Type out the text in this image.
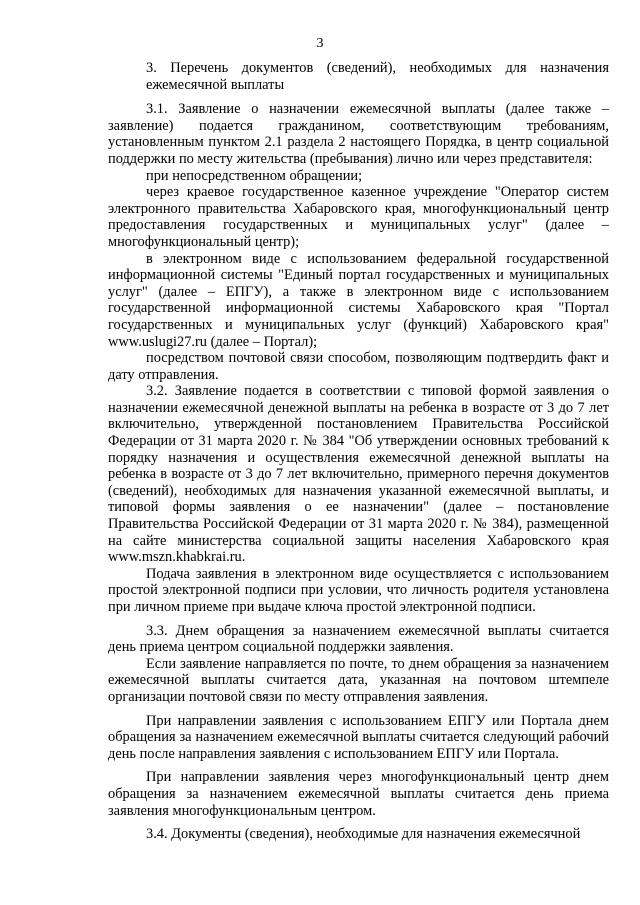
3

3. Перечень документов (сведений), необходимых для назначения ежемесячной выплаты

3.1. Заявление о назначении ежемесячной выплаты (далее также – заявление) подается гражданином, соответствующим требованиям, установленным пунктом 2.1 раздела 2 настоящего Порядка, в центр социальной поддержки по месту жительства (пребывания) лично или через представителя:

при непосредственном обращении;

через краевое государственное казенное учреждение "Оператор систем электронного правительства Хабаровского края, многофункциональный центр предоставления государственных и муниципальных услуг" (далее – многофункциональный центр);

в электронном виде с использованием федеральной государственной информационной системы "Единый портал государственных и муниципальных услуг" (далее – ЕПГУ), а также в электронном виде с использованием государственной информационной системы Хабаровского края "Портал государственных и муниципальных услуг (функций) Хабаровского края" www.uslugi27.ru (далее – Портал);

посредством почтовой связи способом, позволяющим подтвердить факт и дату отправления.

3.2. Заявление подается в соответствии с типовой формой заявления о назначении ежемесячной денежной выплаты на ребенка в возрасте от 3 до 7 лет включительно, утвержденной постановлением Правительства Российской Федерации от 31 марта 2020 г. № 384 "Об утверждении основных требований к порядку назначения и осуществления ежемесячной денежной выплаты на ребенка в возрасте от 3 до 7 лет включительно, примерного перечня документов (сведений), необходимых для назначения указанной ежемесячной выплаты, и типовой формы заявления о ее назначении" (далее – постановление Правительства Российской Федерации от 31 марта 2020 г. № 384), размещенной на сайте министерства социальной защиты населения Хабаровского края www.mszn.khabkrai.ru.

Подача заявления в электронном виде осуществляется с использованием простой электронной подписи при условии, что личность родителя установлена при личном приеме при выдаче ключа простой электронной подписи.

3.3. Днем обращения за назначением ежемесячной выплаты считается день приема центром социальной поддержки заявления.

Если заявление направляется по почте, то днем обращения за назначением ежемесячной выплаты считается дата, указанная на почтовом штемпеле организации почтовой связи по месту отправления заявления.

При направлении заявления с использованием ЕПГУ или Портала днем обращения за назначением ежемесячной выплаты считается следующий рабочий день после направления заявления с использованием ЕПГУ или Портала.

При направлении заявления через многофункциональный центр днем обращения за назначением ежемесячной выплаты считается день приема заявления многофункциональным центром.

3.4. Документы (сведения), необходимые для назначения ежемесячной
